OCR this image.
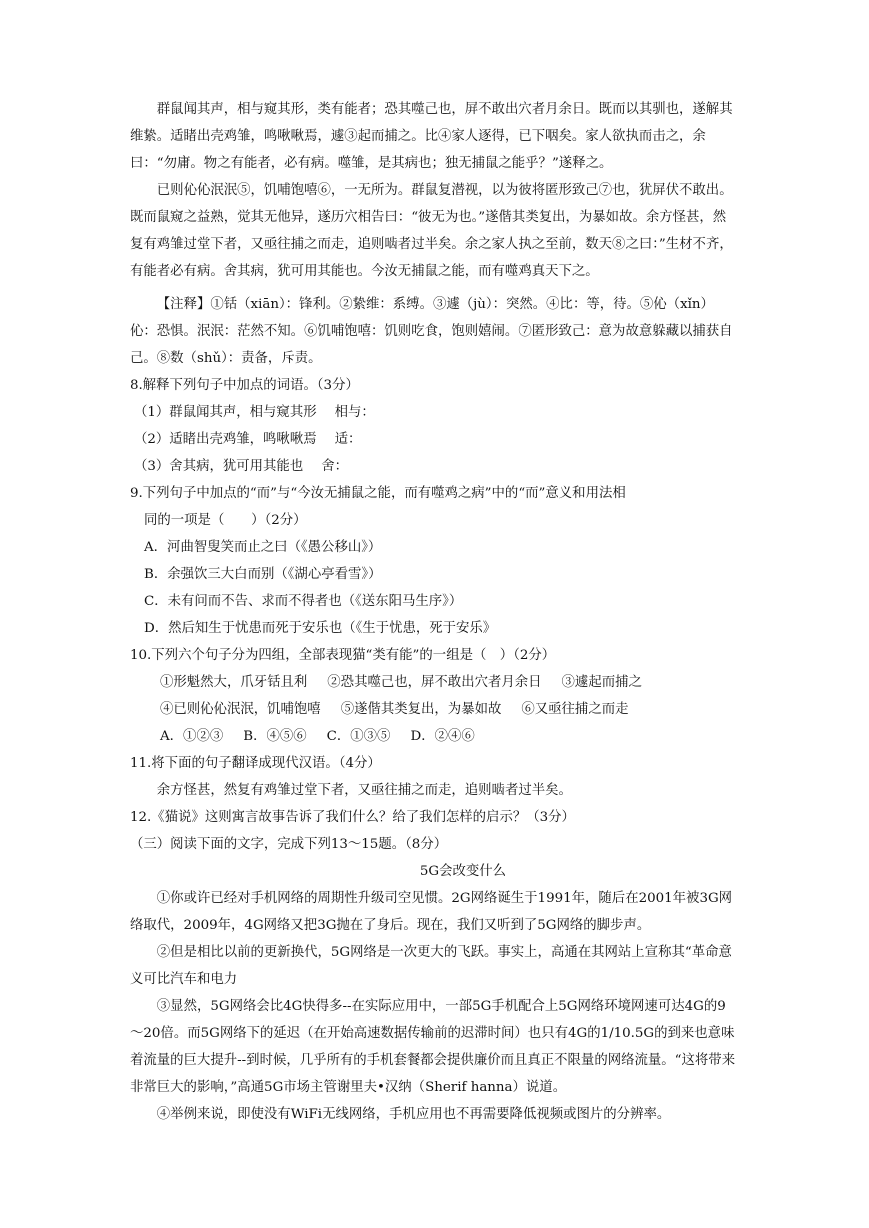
群鼠闻其声，相与窥其形，类有能者；恐其噬己也，屏不敢出穴者月余日。既而以其驯也，遂解其维絷。适睹出壳鸡雏，鸣啾啾焉，遽③起而捕之。比④家人逐得，已下咽矣。家人欲执而击之，余曰：“勿庸。物之有能者，必有病。噬雏，是其病也；独无捕鼠之能乎？”遂释之。

已则伈伈泯泯⑤，饥哺饱嘻⑥，一无所为。群鼠复潜视，以为彼将匿形致己⑦也，犹屏伏不敢出。既而鼠窥之益熟，觉其无他异，遂历穴相告曰：“彼无为也。”遂偕其类复出，为暴如故。余方怪甚，然复有鸡雏过堂下者，又亟往捕之而走，追则啮者过半矣。余之家人执之至前，数天⑧之曰：”生材不齐，有能者必有病。舍其病，犹可用其能也。今汝无捕鼠之能，而有噬鸡真天下之。

【注释】①铦（xiān）：锋利。②絷维：系缚。③遽（jù）：突然。④比：等，待。⑤伈（xǐn）伈：恐惧。泯泯：茫然不知。⑥饥哺饱嘻：饥则吃食，饱则嬉闹。⑦匿形致己：意为故意躲藏以捕获自己。⑧数（shǔ）：责备，斥责。

8.解释下列句子中加点的词语。（3分）

（1）群鼠闻其声，相与窥其形 相与：

（2）适睹出壳鸡雏，鸣啾啾焉 适：

（3）舍其病，犹可用其能也 舍：

9.下列句子中加点的“而”与“今汝无捕鼠之能，而有噬鸡之病”中的“而”意义和用法相

同的一项是（　　）（2分）

A．河曲智叟笑而止之曰（《愚公移山》）

B．余强饮三大白而别（《湖心亭看雪》）

C．未有问而不告、求而不得者也（《送东阳马生序》）

D．然后知生于忧患而死于安乐也（《生于忧患，死于安乐》

10.下列六个句子分为四组，全部表现猫“类有能”的一组是（　）（2分）

①形魁然大，爪牙铦且利 ②恐其噬己也，屏不敢出穴者月余日 ③遽起而捕之

④已则伈伈泯泯，饥哺饱嘻 ⑤遂偕其类复出，为暴如故 ⑥又亟往捕之而走

A．①②③ B．④⑤⑥ C．①③⑤ D．②④⑥

11.将下面的句子翻译成现代汉语。（4分）

余方怪甚，然复有鸡雏过堂下者，又亟往捕之而走，追则啮者过半矣。

12.《猫说》这则寓言故事告诉了我们什么？给了我们怎样的启示？（3分）

（三）阅读下面的文字，完成下列13～15题。（8分）

5G会改变什么

①你或许已经对手机网络的周期性升级司空见惯。2G网络诞生于1991年，随后在2001年被3G网络取代，2009年，4G网络又把3G抛在了身后。现在，我们又听到了5G网络的脚步声。

②但是相比以前的更新换代，5G网络是一次更大的飞跃。事实上，高通在其网站上宣称其“革命意义可比汽车和电力

③显然，5G网络会比4G快得多--在实际应用中，一部5G手机配合上5G网络环境网速可达4G的9～20倍。而5G网络下的延迟（在开始高速数据传输前的迟滞时间）也只有4G的1/10.5G的到来也意味着流量的巨大提升--到时候，几乎所有的手机套餐都会提供廉价而且真正不限量的网络流量。“这将带来非常巨大的影响，”高通5G市场主管谢里夫•汉纳（Sherif hanna）说道。

④举例来说，即使没有WiFi无线网络，手机应用也不再需要降低视频或图片的分辨率。
